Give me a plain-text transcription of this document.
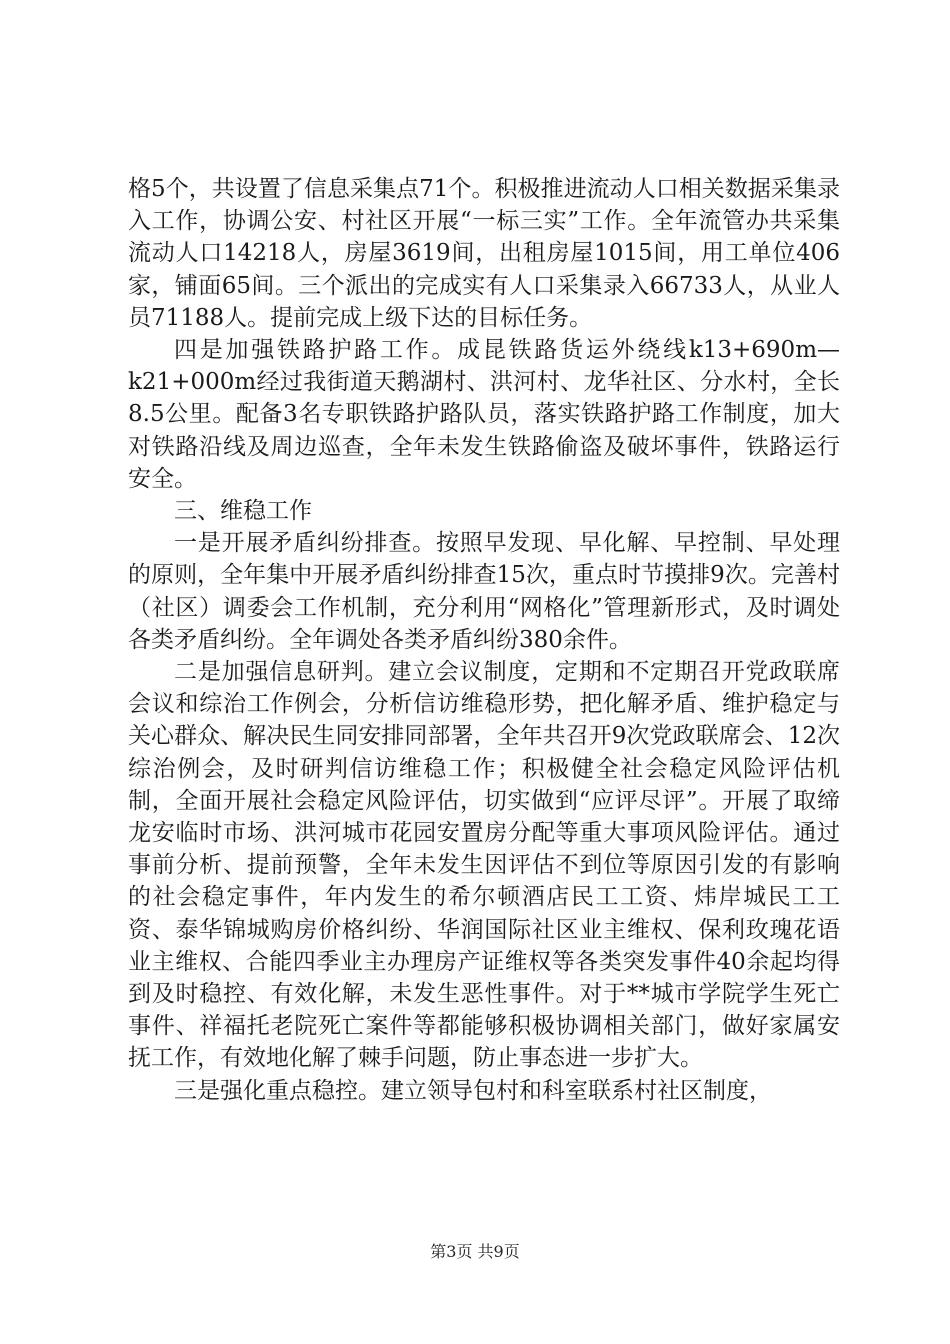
格5个，共设置了信息采集点71个。积极推进流动人口相关数据采集录入工作，协调公安、村社区开展“一标三实”工作。全年流管办共采集流动人口14218人，房屋3619间，出租房屋1015间，用工单位406家，铺面65间。三个派出的完成实有人口采集录入66733人，从业人员71188人。提前完成上级下达的目标任务。

四是加强铁路护路工作。成昆铁路货运外绕线k13+690m—k21+000m经过我街道天鹅湖村、洪河村、龙华社区、分水村，全长8.5公里。配备3名专职铁路护路队员，落实铁路护路工作制度，加大对铁路沿线及周边巡查，全年未发生铁路偷盗及破坏事件，铁路运行安全。

三、维稳工作

一是开展矛盾纠纷排查。按照早发现、早化解、早控制、早处理的原则，全年集中开展矛盾纠纷排查15次，重点时节摸排9次。完善村（社区）调委会工作机制，充分利用“网格化”管理新形式，及时调处各类矛盾纠纷。全年调处各类矛盾纠纷380余件。

二是加强信息研判。建立会议制度，定期和不定期召开党政联席会议和综治工作例会，分析信访维稳形势，把化解矛盾、维护稳定与关心群众、解决民生同安排同部署，全年共召开9次党政联席会、12次综治例会，及时研判信访维稳工作；积极健全社会稳定风险评估机制，全面开展社会稳定风险评估，切实做到“应评尽评”。开展了取缔龙安临时市场、洪河城市花园安置房分配等重大事项风险评估。通过事前分析、提前预警，全年未发生因评估不到位等原因引发的有影响的社会稳定事件，年内发生的希尔顿酒店民工工资、炜岸城民工工资、泰华锦城购房价格纠纷、华润国际社区业主维权、保利玫瑰花语业主维权、合能四季业主办理房产证维权等各类突发事件40余起均得到及时稳控、有效化解，未发生恶性事件。对于**城市学院学生死亡事件、祥福托老院死亡案件等都能够积极协调相关部门，做好家属安抚工作，有效地化解了棘手问题，防止事态进一步扩大。

三是强化重点稳控。建立领导包村和科室联系村社区制度，

第3页 共9页
